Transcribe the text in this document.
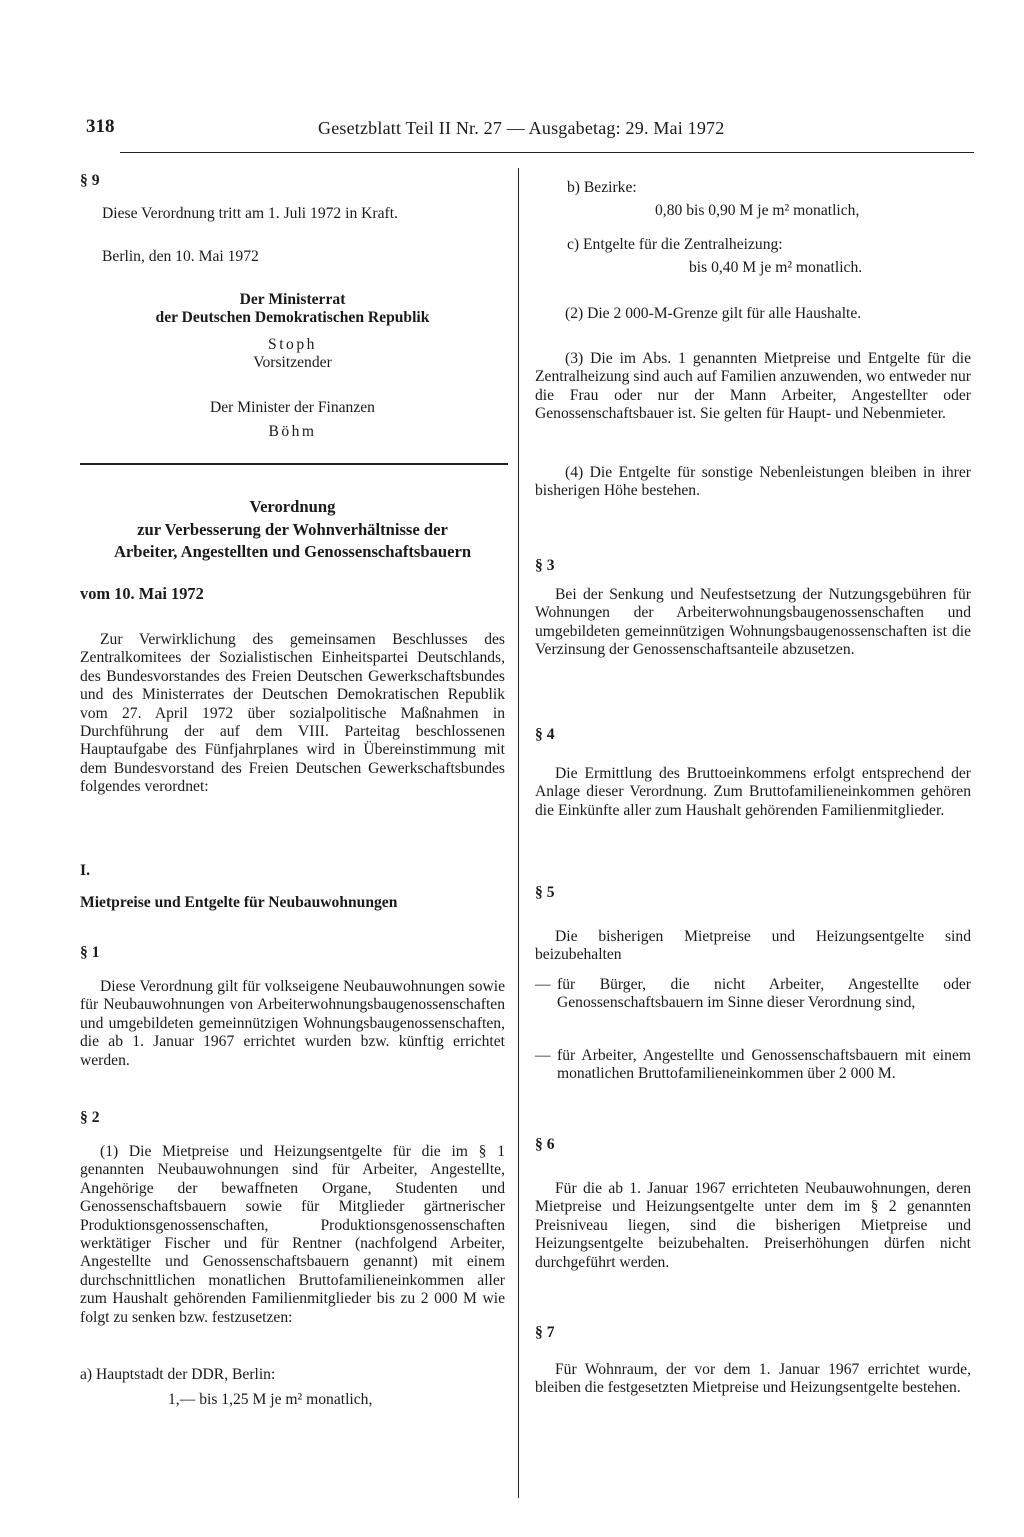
318	Gesetzblatt Teil II Nr. 27 — Ausgabetag: 29. Mai 1972

§ 9

Diese Verordnung tritt am 1. Juli 1972 in Kraft.

Berlin, den 10. Mai 1972

Der Ministerrat
der Deutschen Demokratischen Republik
Stoph
Vorsitzender
Der Minister der Finanzen
Böhm
Verordnung
zur Verbesserung der Wohnverhältnisse der
Arbeiter, Angestellten und Genossenschaftsbauern

vom 10. Mai 1972

Zur Verwirklichung des gemeinsamen Beschlusses des Zentralkomitees der Sozialistischen Einheitspartei Deutschlands, des Bundesvorstandes des Freien Deutschen Gewerkschaftsbundes und des Ministerrates der Deutschen Demokratischen Republik vom 27. April 1972 über sozialpolitische Maßnahmen in Durchführung der auf dem VIII. Parteitag beschlossenen Hauptaufgabe des Fünfjahrplanes wird in Übereinstimmung mit dem Bundesvorstand des Freien Deutschen Gewerkschaftsbundes folgendes verordnet:

I.

Mietpreise und Entgelte für Neubauwohnungen

§ 1

Diese Verordnung gilt für volkseigene Neubauwohnungen sowie für Neubauwohnungen von Arbeiterwohnungsbaugenossenschaften und umgebildeten gemeinnützigen Wohnungsbaugenossenschaften, die ab 1. Januar 1967 errichtet wurden bzw. künftig errichtet werden.

§ 2

(1) Die Mietpreise und Heizungsentgelte für die im § 1 genannten Neubauwohnungen sind für Arbeiter, Angestellte, Angehörige der bewaffneten Organe, Studenten und Genossenschaftsbauern sowie für Mitglieder gärtnerischer Produktionsgenossenschaften, Produktionsgenossenschaften werktätiger Fischer und für Rentner (nachfolgend Arbeiter, Angestellte und Genossenschaftsbauern genannt) mit einem durchschnittlichen monatlichen Bruttofamilieneinkommen aller zum Haushalt gehörenden Familienmitglieder bis zu 2 000 M wie folgt zu senken bzw. festzusetzen:

a) Hauptstadt der DDR, Berlin:

1,— bis 1,25 M je m² monatlich,

b) Bezirke:

0,80 bis 0,90 M je m² monatlich,

c) Entgelte für die Zentralheizung:

bis 0,40 M je m² monatlich.

(2) Die 2 000-M-Grenze gilt für alle Haushalte.

(3) Die im Abs. 1 genannten Mietpreise und Entgelte für die Zentralheizung sind auch auf Familien anzuwenden, wo entweder nur die Frau oder nur der Mann Arbeiter, Angestellter oder Genossenschaftsbauer ist. Sie gelten für Haupt- und Nebenmieter.

(4) Die Entgelte für sonstige Nebenleistungen bleiben in ihrer bisherigen Höhe bestehen.

§ 3

Bei der Senkung und Neufestsetzung der Nutzungsgebühren für Wohnungen der Arbeiterwohnungsbaugenossenschaften und umgebildeten gemeinnützigen Wohnungsbaugenossenschaften ist die Verzinsung der Genossenschaftsanteile abzusetzen.

§ 4

Die Ermittlung des Bruttoeinkommens erfolgt entsprechend der Anlage dieser Verordnung. Zum Bruttofamilieneinkommen gehören die Einkünfte aller zum Haushalt gehörenden Familienmitglieder.

§ 5

Die bisherigen Mietpreise und Heizungsentgelte sind beizubehalten

— für Bürger, die nicht Arbeiter, Angestellte oder Genossenschaftsbauern im Sinne dieser Verordnung sind,
— für Arbeiter, Angestellte und Genossenschaftsbauern mit einem monatlichen Bruttofamilieneinkommen über 2 000 M.

§ 6

Für die ab 1. Januar 1967 errichteten Neubauwohnungen, deren Mietpreise und Heizungsentgelte unter dem im § 2 genannten Preisniveau liegen, sind die bisherigen Mietpreise und Heizungsentgelte beizubehalten. Preiserhöhungen dürfen nicht durchgeführt werden.

§ 7

Für Wohnraum, der vor dem 1. Januar 1967 errichtet wurde, bleiben die festgesetzten Mietpreise und Heizungsentgelte bestehen.
